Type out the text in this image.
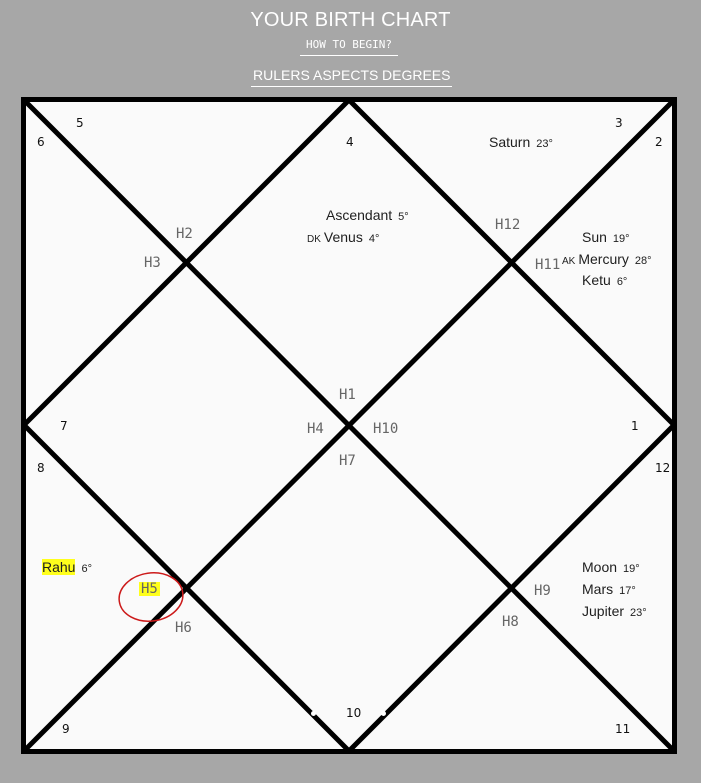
YOUR BIRTH CHART
HOW TO BEGIN?
RULERS ASPECTS DEGREES
5
6	4
3
2
7
8
1
12
9
10
11
H2
H3
H12
H11
H1
H4	H10
H7
H5
H6
H9
H8
Saturn 23°
Ascendant 5°
DK Venus 4°	Sun 19°
AK Mercury 28°
Ketu 6°
Rahu 6°	Moon 19°
Mars 17°
Jupiter 23°
